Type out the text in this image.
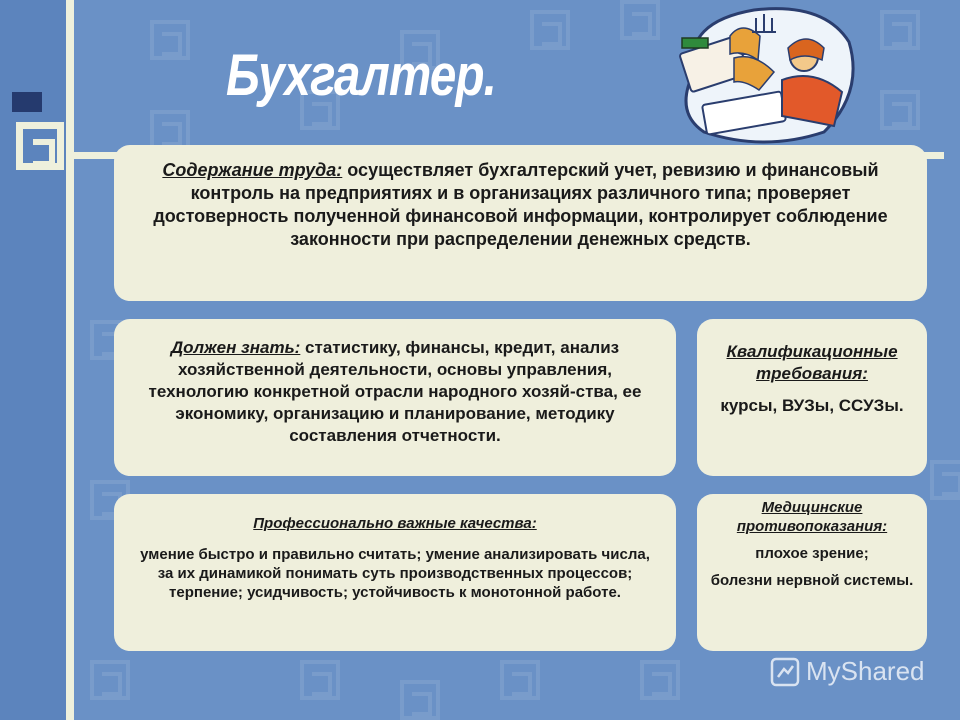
Бухгалтер.
Содержание труда: осуществляет бухгалтерский учет, ревизию и финансовый контроль на предприятиях и в организациях различного типа; проверяет достоверность полученной финансовой информации, контролирует соблюдение законности при распределении денежных средств.
Должен знать: статистику, финансы, кредит, анализ хозяйственной деятельности, основы управления, технологию конкретной отрасли народного хозяй-ства, ее экономику, организацию и планирование, методику составления отчетности.
Квалификационные требования:
курсы, ВУЗы, ССУЗы.
Профессионально важные качества:
умение быстро и правильно считать; умение анализировать числа, за их динамикой понимать суть производственных процессов; терпение; усидчивость; устойчивость к монотонной работе.
Медицинские противопоказания:
плохое зрение;
болезни нервной системы.
MyShared
